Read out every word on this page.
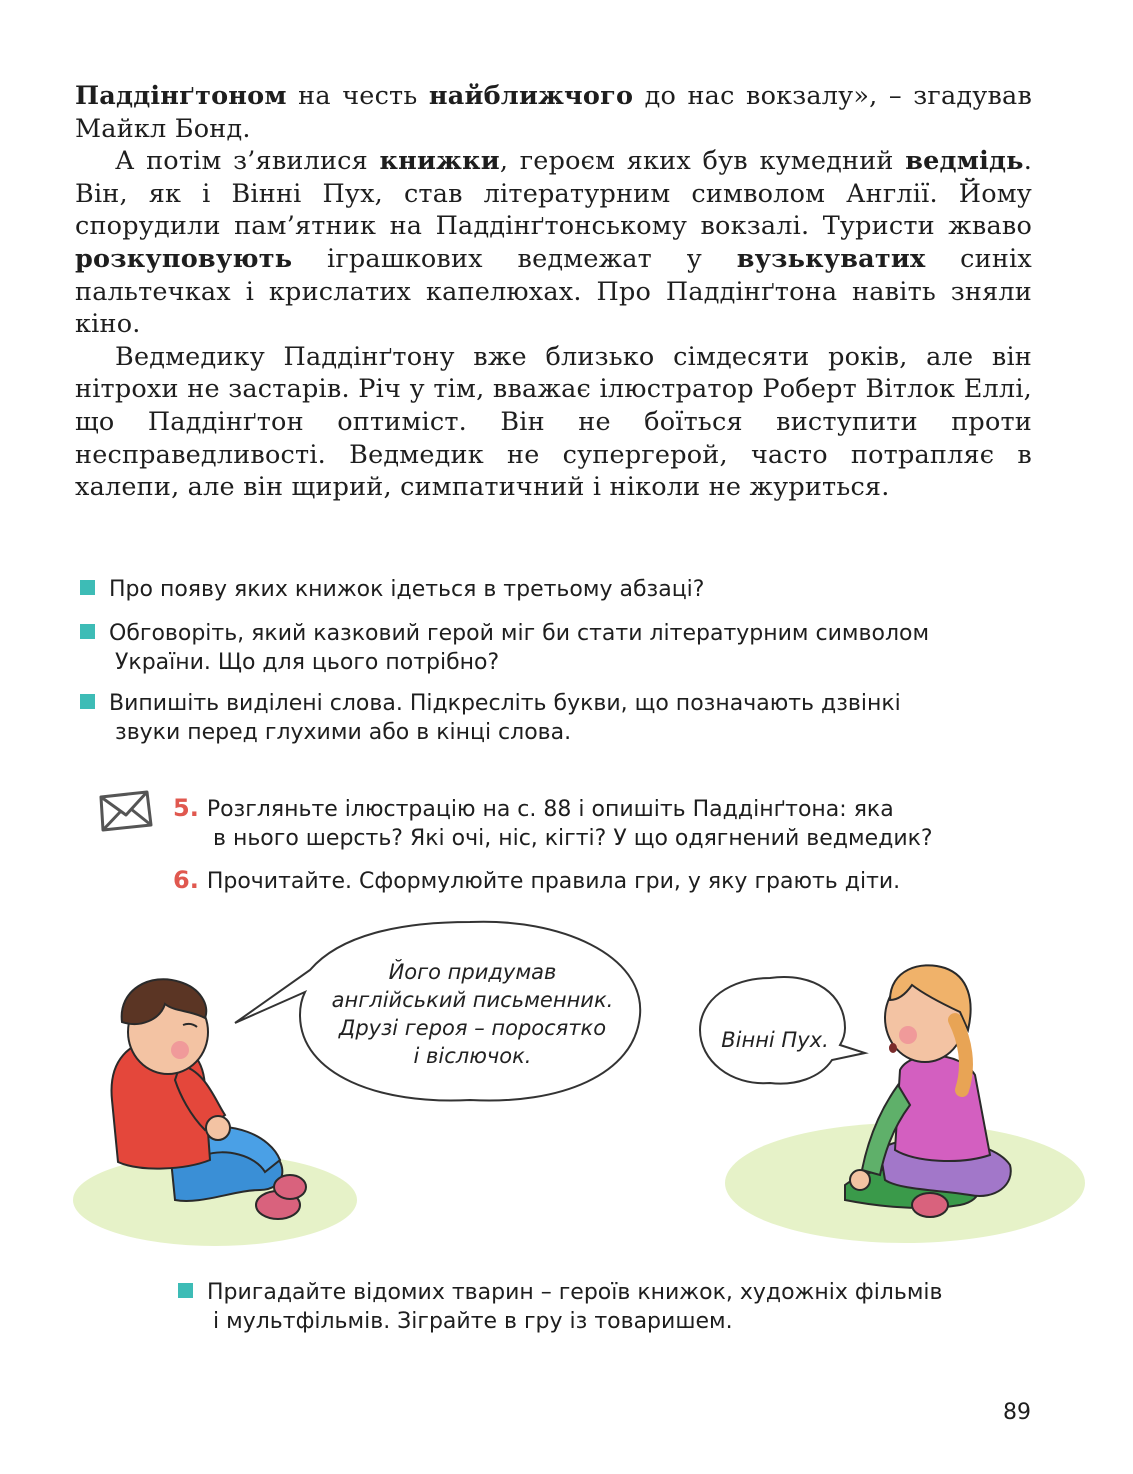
Паддінґтоном на честь найближчого до нас вокзалу», – згадував Майкл Бонд.

А потім з’явилися книжки, героєм яких був кумедний ведмідь. Він, як і Вінні Пух, став літературним символом Англії. Йому спорудили пам’ятник на Паддінґтонському вокзалі. Туристи жваво розкуповують іграшкових ведмежат у вузькуватих синіх пальтечках і крислатих капелюхах. Про Паддінґтона навіть зняли кіно.

Ведмедику Паддінґтону вже близько сімдесяти років, але він нітрохи не застарів. Річ у тім, вважає ілюстратор Роберт Вітлок Еллі, що Паддінґтон оптиміст. Він не боїться виступити проти несправедливості. Ведмедик не супергерой, часто потрапляє в халепи, але він щирий, симпатичний і ніколи не журиться.

Про появу яких книжок ідеться в третьому абзаці?
Обговоріть, який казковий герой міг би стати літературним символом
України. Що для цього потрібно?
Випишіть виділені слова. Підкресліть букви, що позначають дзвінкі
звуки перед глухими або в кінці слова.
5. Розгляньте ілюстрацію на с. 88 і опишіть Паддінґтона: яка
в нього шерсть? Які очі, ніс, кігті? У що одягнений ведмедик?
6. Прочитайте. Сформулюйте правила гри, у яку грають діти.
Його придумав
англійський письменник.
Друзі героя – поросятко
і віслючок.
Вінні Пух.
Пригадайте відомих тварин – героїв книжок, художніх фільмів
і мультфільмів. Зіграйте в гру із товаришем.
89
